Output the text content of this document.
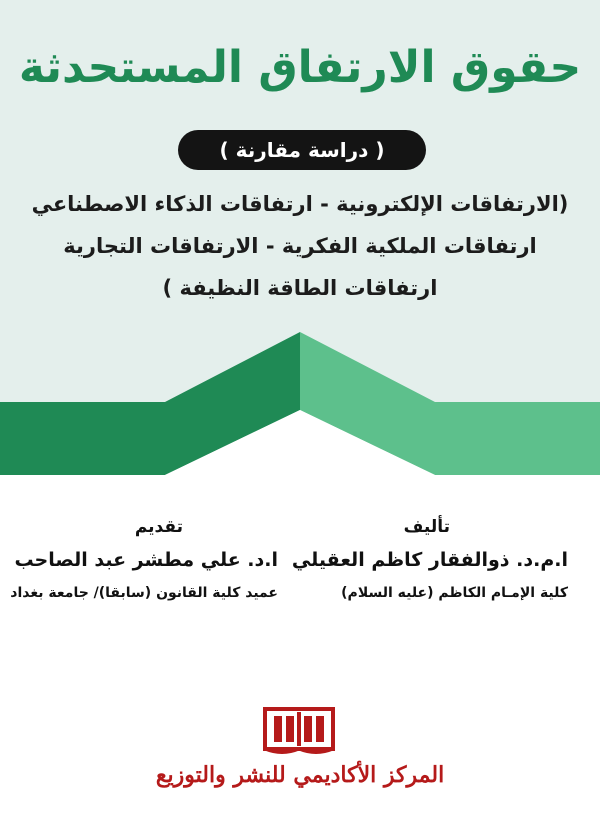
حقوق الارتفاق المستحدثة
( دراسة مقارنة )

(الارتفاقات الإلكترونية - ارتفاقات الذكاء الاصطناعي

ارتفاقات الملكية الفكرية - الارتفاقات التجارية

ارتفاقات الطاقة النظيفة )

تأليف

ا.م.د. ذوالفقار كاظم العقيلي

كلية الإمـام الكاظم (عليه السلام)

تقديم

ا.د. علي مطشر عبد الصاحب

عميد كلية القانون (سابقا)/ جامعة بغداد

المركز الأكاديمي للنشر والتوزيع
